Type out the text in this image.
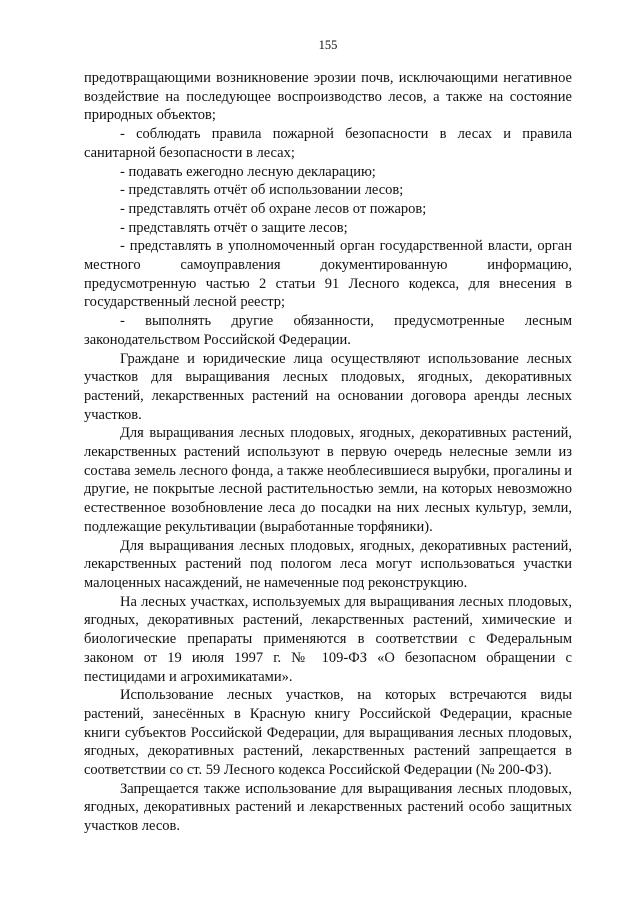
155

предотвращающими возникновение эрозии почв, исключающими негативное воздействие на последующее воспроизводство лесов, а также на состояние природных объектов;

- соблюдать правила пожарной безопасности в лесах и правила санитарной безопасности в лесах;

- подавать ежегодно лесную декларацию;

- представлять отчёт об использовании лесов;

- представлять отчёт об охране лесов от пожаров;

- представлять отчёт о защите лесов;

- представлять в уполномоченный орган государственной власти, орган местного самоуправления документированную информацию, предусмотренную частью 2 статьи 91 Лесного кодекса, для внесения в государственный лесной реестр;

- выполнять другие обязанности, предусмотренные лесным законодательством Российской Федерации.

Граждане и юридические лица осуществляют использование лесных участков для выращивания лесных плодовых, ягодных, декоративных растений, лекарственных растений на основании договора аренды лесных участков.

Для выращивания лесных плодовых, ягодных, декоративных растений, лекарственных растений используют в первую очередь нелесные земли из состава земель лесного фонда, а также необлесившиеся вырубки, прогалины и другие, не покрытые лесной растительностью земли, на которых невозможно естественное возобновление леса до посадки на них лесных культур, земли, подлежащие рекультивации (выработанные торфяники).

Для выращивания лесных плодовых, ягодных, декоративных растений, лекарственных растений под пологом леса могут использоваться участки малоценных насаждений, не намеченные под реконструкцию.

На лесных участках, используемых для выращивания лесных плодовых, ягодных, декоративных растений, лекарственных растений, химические и биологические препараты применяются в соответствии с Федеральным законом от 19 июля 1997 г. № 109-ФЗ «О безопасном обращении с пестицидами и агрохимикатами».

Использование лесных участков, на которых встречаются виды растений, занесённых в Красную книгу Российской Федерации, красные книги субъектов Российской Федерации, для выращивания лесных плодовых, ягодных, декоративных растений, лекарственных растений запрещается в соответствии со ст. 59 Лесного кодекса Российской Федерации (№ 200-ФЗ).

Запрещается также использование для выращивания лесных плодовых, ягодных, декоративных растений и лекарственных растений особо защитных участков лесов.
